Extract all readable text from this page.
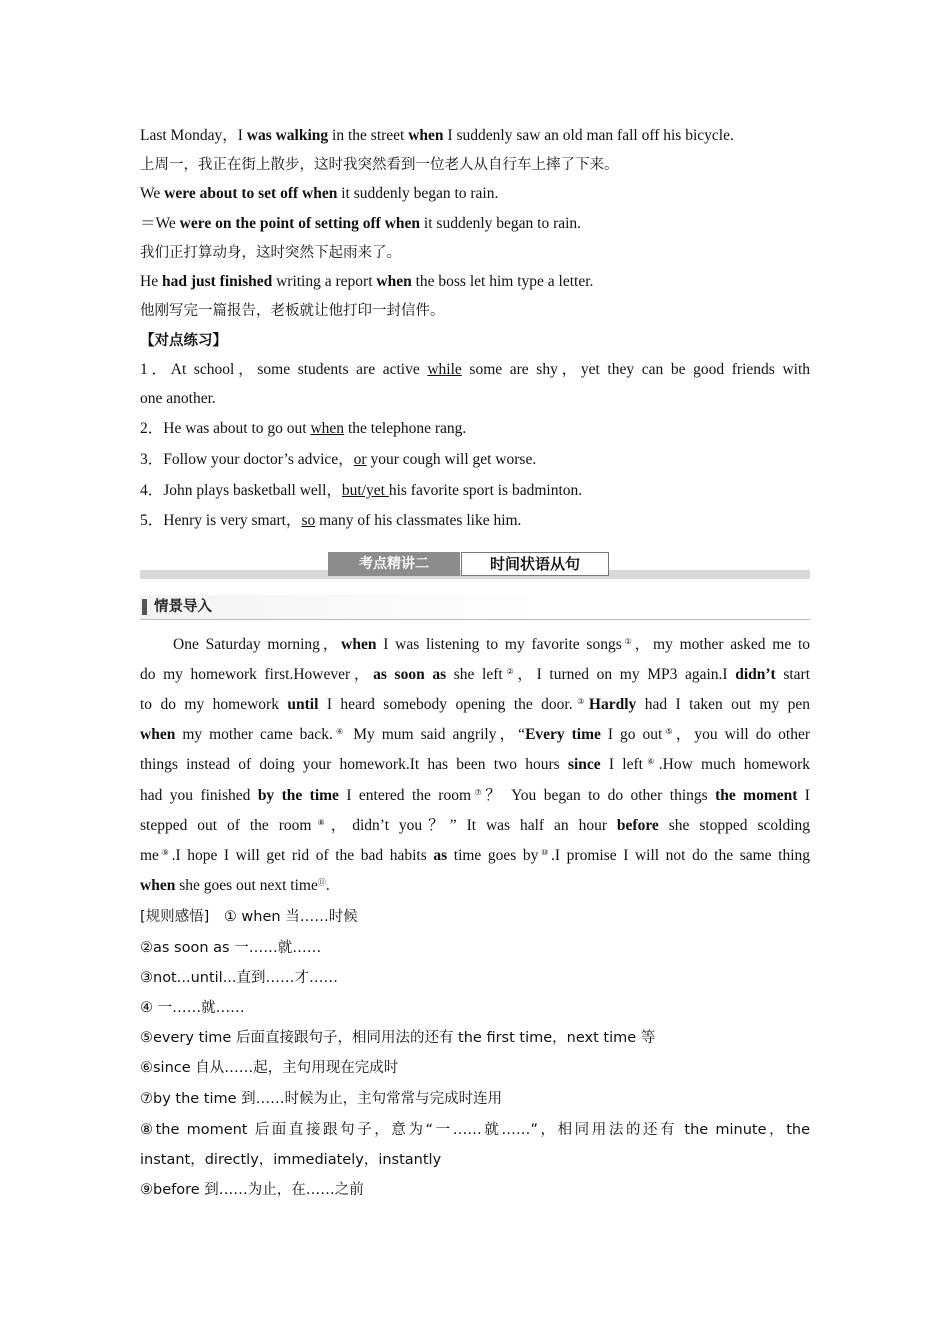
Last Monday，I was walking in the street when I suddenly saw an old man fall off his bicycle.
上周一，我正在街上散步，这时我突然看到一位老人从自行车上摔了下来。
We were about to set off when it suddenly began to rain.
＝We were on the point of setting off when it suddenly began to rain.
我们正打算动身，这时突然下起雨来了。
He had just finished writing a report when the boss let him type a letter.
他刚写完一篇报告，老板就让他打印一封信件。
【对点练习】
1．At school，some students are active while some are shy，yet they can be good friends with
one another.
2．He was about to go out when the telephone rang.
3．Follow your doctor’s advice，or your cough will get worse.
4．John plays basketball well，but/yet his favorite sport is badminton.
5．Henry is very smart，so many of his classmates like him.
考点精讲二	时间状语从句
情景导入
One Saturday morning，when I was listening to my favorite songs①，my mother asked me to
do my homework first.However，as soon as she left②，I turned on my MP3 again.I didn’t start
to do my homework until I heard somebody opening the door.③Hardly had I taken out my pen
when my mother came back.④ My mum said angrily，“Every time I go out⑤，you will do other
things instead of doing your homework.It has been two hours since I left⑥.How much homework
had you finished by the time I entered the room⑦？ You began to do other things the moment I
stepped out of the room⑧，didn’t you？” It was half an hour before she stopped scolding
me⑨.I hope I will get rid of the bad habits as time goes by⑩.I promise I will not do the same thing
when she goes out next time⑪.
[规则感悟]　① when 当……时候
②as soon as 一……就……
③not...until...直到……才……
④ 一……就……
⑤every time 后面直接跟句子，相同用法的还有 the first time，next time 等
⑥since 自从……起，主句用现在完成时
⑦by the time 到……时候为止，主句常常与完成时连用
⑧the moment 后面直接跟句子，意为“一……就……”，相同用法的还有 the minute，the
instant，directly，immediately，instantly
⑨before 到……为止，在……之前
